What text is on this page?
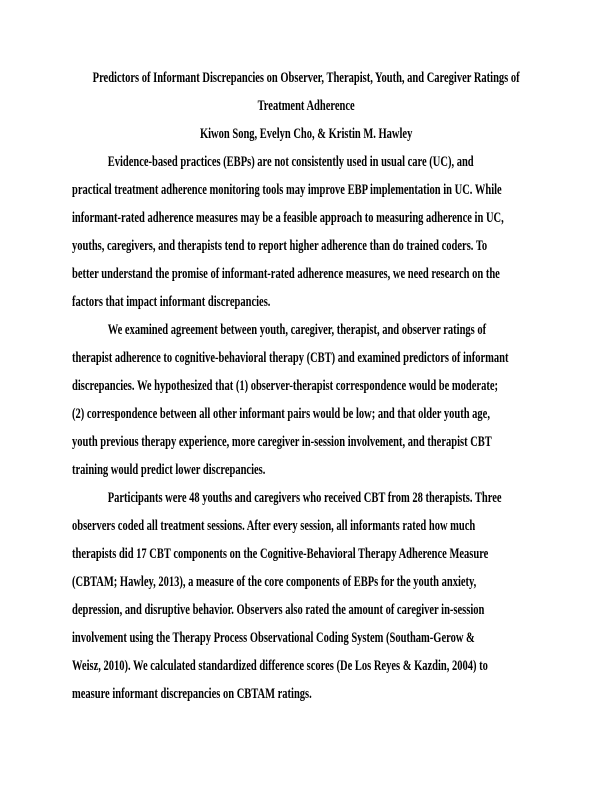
Predictors of Informant Discrepancies on Observer, Therapist, Youth, and Caregiver Ratings of
Treatment Adherence
Kiwon Song, Evelyn Cho, & Kristin M. Hawley
Evidence-based practices (EBPs) are not consistently used in usual care (UC), and
practical treatment adherence monitoring tools may improve EBP implementation in UC. While
informant-rated adherence measures may be a feasible approach to measuring adherence in UC,
youths, caregivers, and therapists tend to report higher adherence than do trained coders. To
better understand the promise of informant-rated adherence measures, we need research on the
factors that impact informant discrepancies.
We examined agreement between youth, caregiver, therapist, and observer ratings of
therapist adherence to cognitive-behavioral therapy (CBT) and examined predictors of informant
discrepancies. We hypothesized that (1) observer-therapist correspondence would be moderate;
(2) correspondence between all other informant pairs would be low; and that older youth age,
youth previous therapy experience, more caregiver in-session involvement, and therapist CBT
training would predict lower discrepancies.
Participants were 48 youths and caregivers who received CBT from 28 therapists. Three
observers coded all treatment sessions. After every session, all informants rated how much
therapists did 17 CBT components on the Cognitive-Behavioral Therapy Adherence Measure
(CBTAM; Hawley, 2013), a measure of the core components of EBPs for the youth anxiety,
depression, and disruptive behavior. Observers also rated the amount of caregiver in-session
involvement using the Therapy Process Observational Coding System (Southam-Gerow &
Weisz, 2010). We calculated standardized difference scores (De Los Reyes & Kazdin, 2004) to
measure informant discrepancies on CBTAM ratings.
